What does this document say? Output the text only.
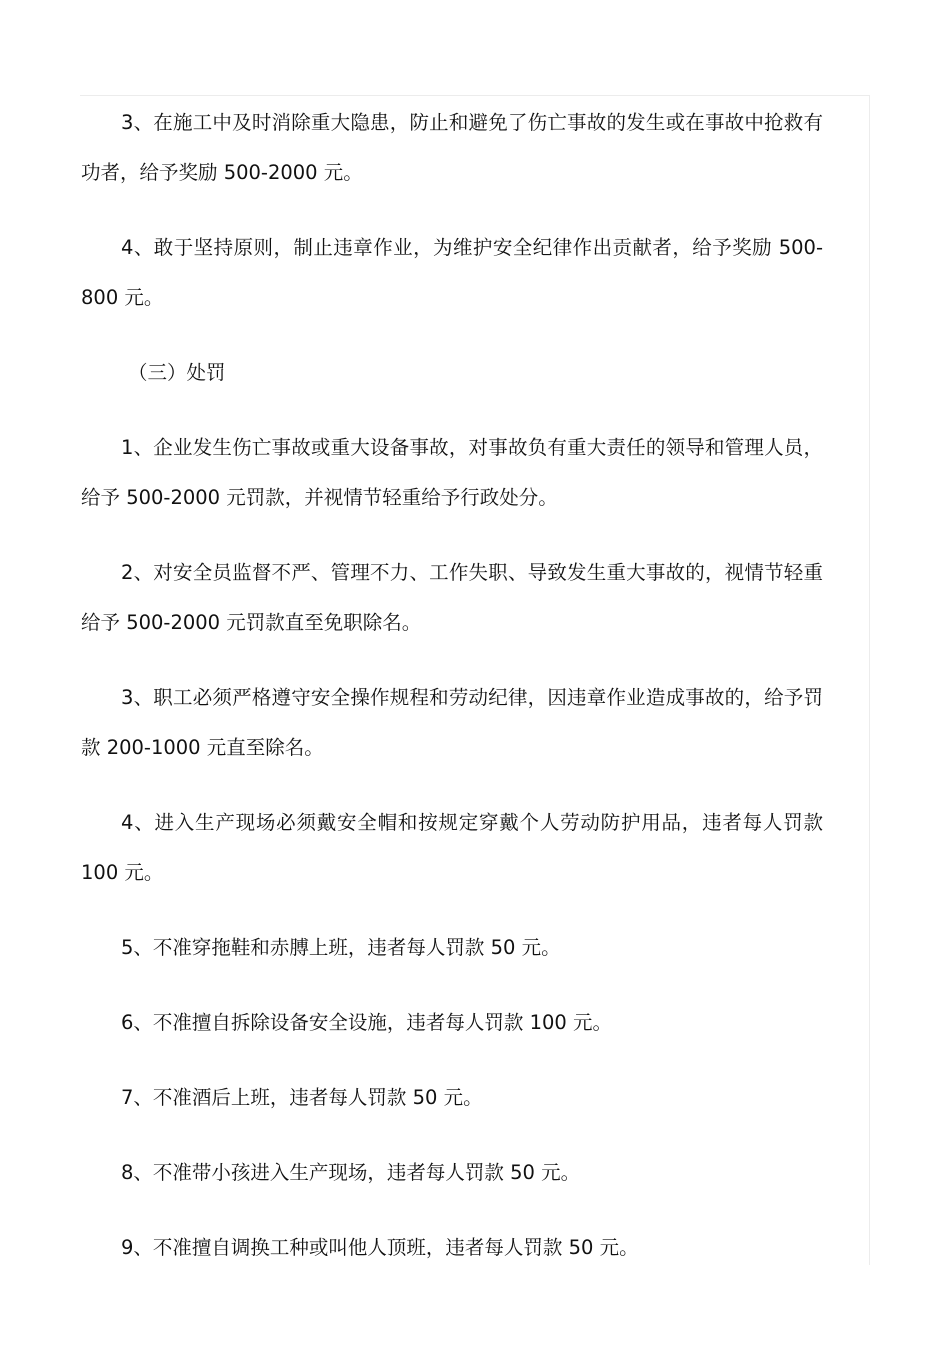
3、在施工中及时消除重大隐患，防止和避免了伤亡事故的发生或在事故中抢救有功者，给予奖励 500-2000 元。

4、敢于坚持原则，制止违章作业，为维护安全纪律作出贡献者，给予奖励 500-800 元。

（三）处罚

1、企业发生伤亡事故或重大设备事故，对事故负有重大责任的领导和管理人员，给予 500-2000 元罚款，并视情节轻重给予行政处分。

2、对安全员监督不严、管理不力、工作失职、导致发生重大事故的，视情节轻重给予 500-2000 元罚款直至免职除名。

3、职工必须严格遵守安全操作规程和劳动纪律，因违章作业造成事故的，给予罚款 200-1000 元直至除名。

4、进入生产现场必须戴安全帽和按规定穿戴个人劳动防护用品，违者每人罚款 100 元。

5、不准穿拖鞋和赤膊上班，违者每人罚款 50 元。

6、不准擅自拆除设备安全设施，违者每人罚款 100 元。

7、不准酒后上班，违者每人罚款 50 元。

8、不准带小孩进入生产现场，违者每人罚款 50 元。

9、不准擅自调换工种或叫他人顶班，违者每人罚款 50 元。
